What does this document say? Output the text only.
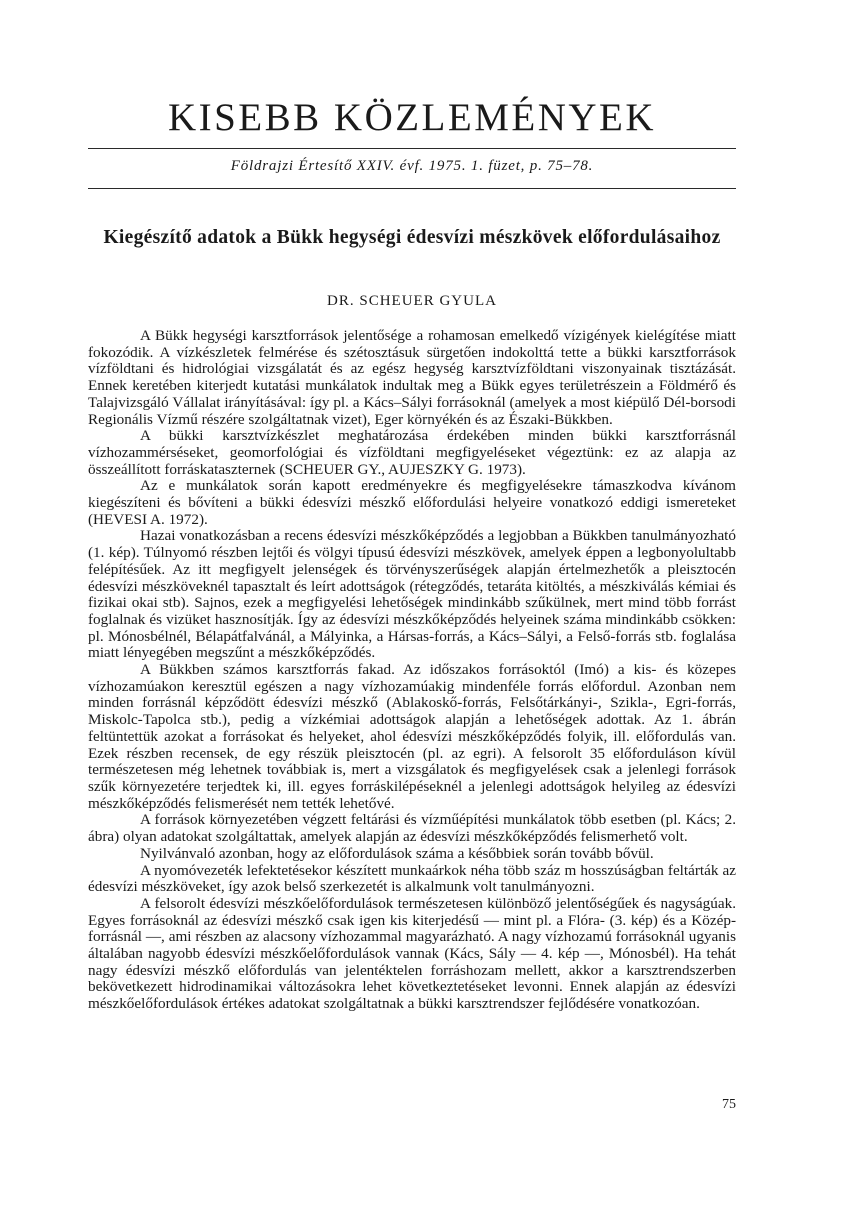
KISEBB KÖZLEMÉNYEK
Földrajzi Értesítő XXIV. évf. 1975. 1. füzet, p. 75–78.
Kiegészítő adatok a Bükk hegységi édesvízi mészkövek előfordulásaihoz
DR. SCHEUER GYULA

A Bükk hegységi karsztforrások jelentősége a rohamosan emelkedő vízigények kielégítése miatt fokozódik. A vízkészletek felmérése és szétosztásuk sürgetően indokolttá tette a bükki karsztforrások vízföldtani és hidrológiai vizsgálatát és az egész hegység karsztvízföldtani viszonyainak tisztázását. Ennek keretében kiterjedt kutatási munkálatok indultak meg a Bükk egyes területrészein a Földmérő és Talajvizsgáló Vállalat irányításával: így pl. a Kács–Sályi forrásoknál (amelyek a most kiépülő Dél-borsodi Regionális Vízmű részére szolgáltatnak vizet), Eger környékén és az Északi-Bükkben.

A bükki karsztvízkészlet meghatározása érdekében minden bükki karsztforrásnál vízhozammérséseket, geomorfológiai és vízföldtani megfigyeléseket végeztünk: ez az alapja az összeállított forráskataszternek (SCHEUER GY., AUJESZKY G. 1973).

Az e munkálatok során kapott eredményekre és megfigyelésekre támaszkodva kívánom kiegészíteni és bővíteni a bükki édesvízi mészkő előfordulási helyeire vonatkozó eddigi ismereteket (HEVESI A. 1972).

Hazai vonatkozásban a recens édesvízi mészkőképződés a legjobban a Bükkben tanulmányozható (1. kép). Túlnyomó részben lejtői és völgyi típusú édesvízi mészkövek, amelyek éppen a legbonyolultabb felépítésűek. Az itt megfigyelt jelenségek és törvényszerűségek alapján értelmezhetők a pleisztocén édesvízi mészköveknél tapasztalt és leírt adottságok (rétegződés, tetaráta kitöltés, a mészkiválás kémiai és fizikai okai stb). Sajnos, ezek a megfigyelési lehetőségek mindinkább szűkülnek, mert mind több forrást foglalnak és vizüket hasznosítják. Így az édesvízi mészkőképződés helyeinek száma mindinkább csökken: pl. Mónosbélnél, Bélapátfalvánál, a Mályinka, a Hársas-forrás, a Kács–Sályi, a Felső-forrás stb. foglalása miatt lényegében megszűnt a mészkőképződés.

A Bükkben számos karsztforrás fakad. Az időszakos forrásoktól (Imó) a kis- és közepes vízhozamúakon keresztül egészen a nagy vízhozamúakig mindenféle forrás előfordul. Azonban nem minden forrásnál képződött édesvízi mészkő (Ablakoskő-forrás, Felsőtárkányi-, Szikla-, Egri-forrás, Miskolc-Tapolca stb.), pedig a vízkémiai adottságok alapján a lehetőségek adottak. Az 1. ábrán feltüntettük azokat a forrásokat és helyeket, ahol édesvízi mészkőképződés folyik, ill. előfordulás van. Ezek részben recensek, de egy részük pleisztocén (pl. az egri). A felsorolt 35 előforduláson kívül természetesen még lehetnek továbbiak is, mert a vizsgálatok és megfigyelések csak a jelenlegi források szűk környezetére terjedtek ki, ill. egyes forráskilépéseknél a jelenlegi adottságok helyileg az édesvízi mészkőképződés felismerését nem tették lehetővé.

A források környezetében végzett feltárási és vízműépítési munkálatok több esetben (pl. Kács; 2. ábra) olyan adatokat szolgáltattak, amelyek alapján az édesvízi mészkőképződés felismerhető volt.

Nyilvánvaló azonban, hogy az előfordulások száma a későbbiek során tovább bővül.

A nyomóvezeték lefektetésekor készített munkaárkok néha több száz m hosszúságban feltárták az édesvízi mészköveket, így azok belső szerkezetét is alkalmunk volt tanulmányozni.

A felsorolt édesvízi mészkőelőfordulások természetesen különböző jelentőségűek és nagyságúak. Egyes forrásoknál az édesvízi mészkő csak igen kis kiterjedésű — mint pl. a Flóra- (3. kép) és a Közép-forrásnál —, ami részben az alacsony vízhozammal magyarázható. A nagy vízhozamú forrásoknál ugyanis általában nagyobb édesvízi mészkőelőfordulások vannak (Kács, Sály — 4. kép —, Mónosbél). Ha tehát nagy édesvízi mészkő előfordulás van jelentéktelen forráshozam mellett, akkor a karsztrendszerben bekövetkezett hidrodinamikai változásokra lehet következtetéseket levonni. Ennek alapján az édesvízi mészkőelőfordulások értékes adatokat szolgáltatnak a bükki karsztrendszer fejlődésére vonatkozóan.

75
